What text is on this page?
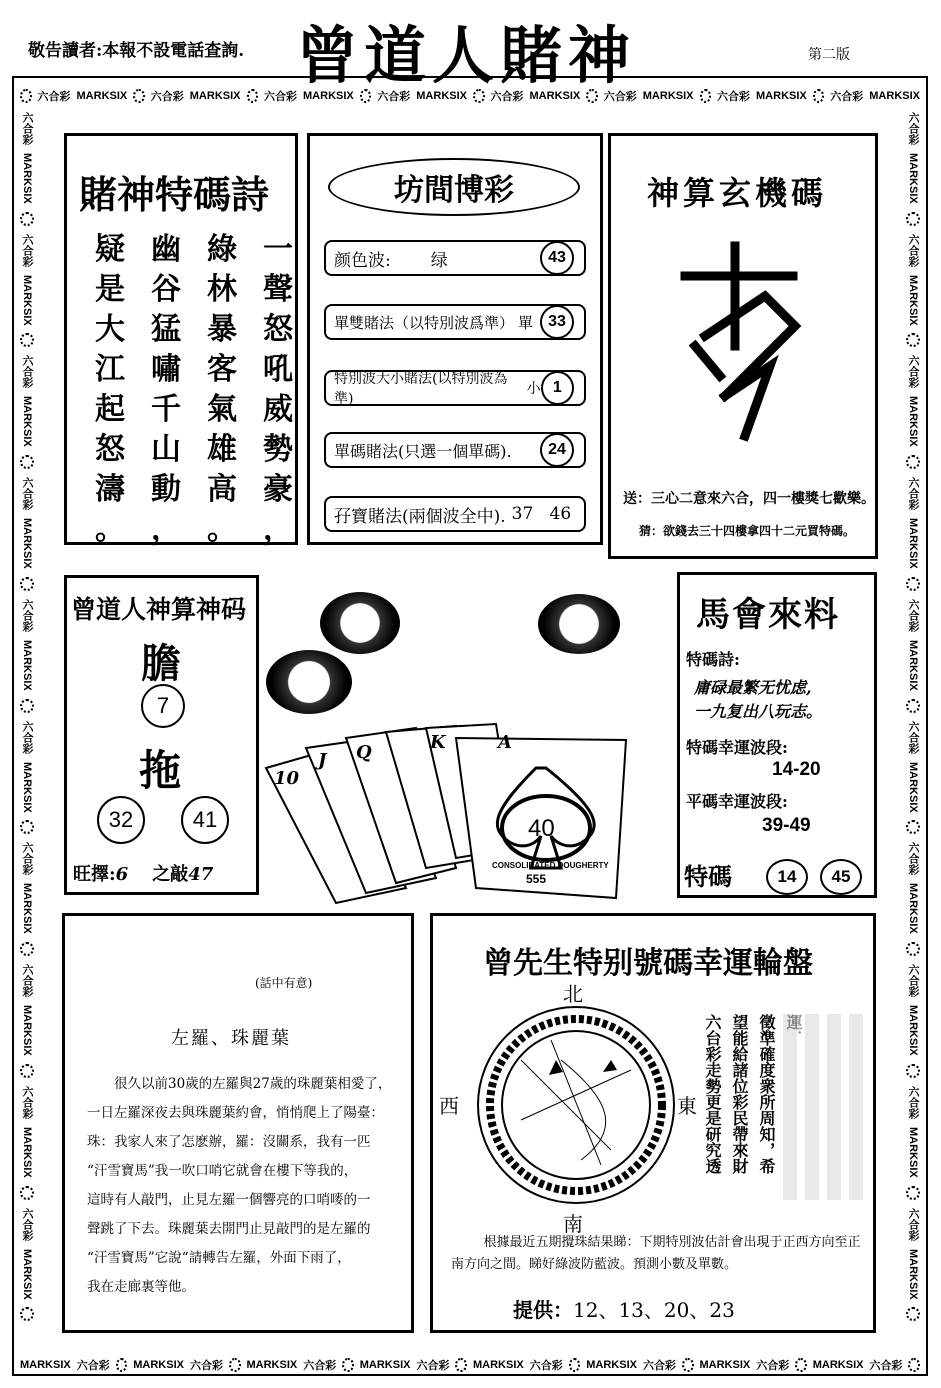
敬告讀者:本報不設電話查詢. 曾道人賭神	第二版
六合彩 MARKSIX 六合彩 MARKSIX 六合彩 MARKSIX 六合彩 MARKSIX 六合彩 MARKSIX 六合彩 MARKSIX 六合彩 MARKSIX 六合彩 MARKSIX
MARKSIX 六合彩 MARKSIX 六合彩 MARKSIX 六合彩 MARKSIX 六合彩 MARKSIX 六合彩 MARKSIX 六合彩 MARKSIX 六合彩 MARKSIX 六合彩
六合彩
MARKSIX
六合彩
MARKSIX
六合彩
MARKSIX
六合彩
MARKSIX
六合彩
MARKSIX
六合彩
MARKSIX
六合彩
MARKSIX
六合彩
MARKSIX
六合彩
MARKSIX
六合彩
MARKSIX
六合彩
MARKSIX
六合彩
MARKSIX
六合彩
MARKSIX
六合彩
MARKSIX
六合彩
MARKSIX
六合彩
MARKSIX
六合彩
MARKSIX
六合彩
MARKSIX
六合彩
MARKSIX
六合彩
MARKSIX
賭神特碼詩
疑
是
大
江
起
怒
濤
。
幽
谷
猛
嘯
千
山
動
，
綠
林
暴
客
氣
雄
高
。
一
聲
怒
吼
威
勢
豪
，
坊間博彩
颜色波: 绿	43
單雙賭法（以特別波爲準） 單 33
特別波大小賭法(以特別波為準)
小 1
單碼賭法(只選一個單碼).	24
孖寶賭法(兩個波全中). 37   46
神算玄機碼
送：三心二意來六合，四一樓獎七歡樂。
猜：欲錢去三十四樓拿四十二元買特碼。
曾道人神算神码
膽
7
拖
32	41
旺擇:6 之敲47
10
J Q	K	A
40
CONSOLIDATED DOUGHERTY
555
馬會來料
特碼詩:
庸碌最繁无忧虑,
一九复出八玩志。
特碼幸運波段:
14-20
平碼幸運波段:
39-49
特碼	14	45
(話中有意)
左羅、珠麗葉

很久以前30歲的左羅與27歲的珠麗葉相愛了，

一日左羅深夜去與珠麗葉約會，悄悄爬上了陽臺：

珠：我家人來了怎麽辦，羅：沒關系，我有一匹

“汗雪寶馬”我一吹口哨它就會在樓下等我的，

這時有人敲門，止見左羅一個響亮的口哨嘜的一

聲跳了下去。珠麗葉去開門止見敲門的是左羅的

“汗雪寶馬”它說“請轉告左羅，外面下雨了，

我在走廊裏等他。

曾先生特别號碼幸運輪盤
北
南
西	東	徵準確度衆所周知，希
望能給諸位彩民帶來財
六台彩走勢更是研究透
根據最近五期攪珠結果睇：下期特別波估計會出現于正西方向至正南方向之間。睇好綠波防藍波。預測小數及單數。
提供：12、13、20、23
